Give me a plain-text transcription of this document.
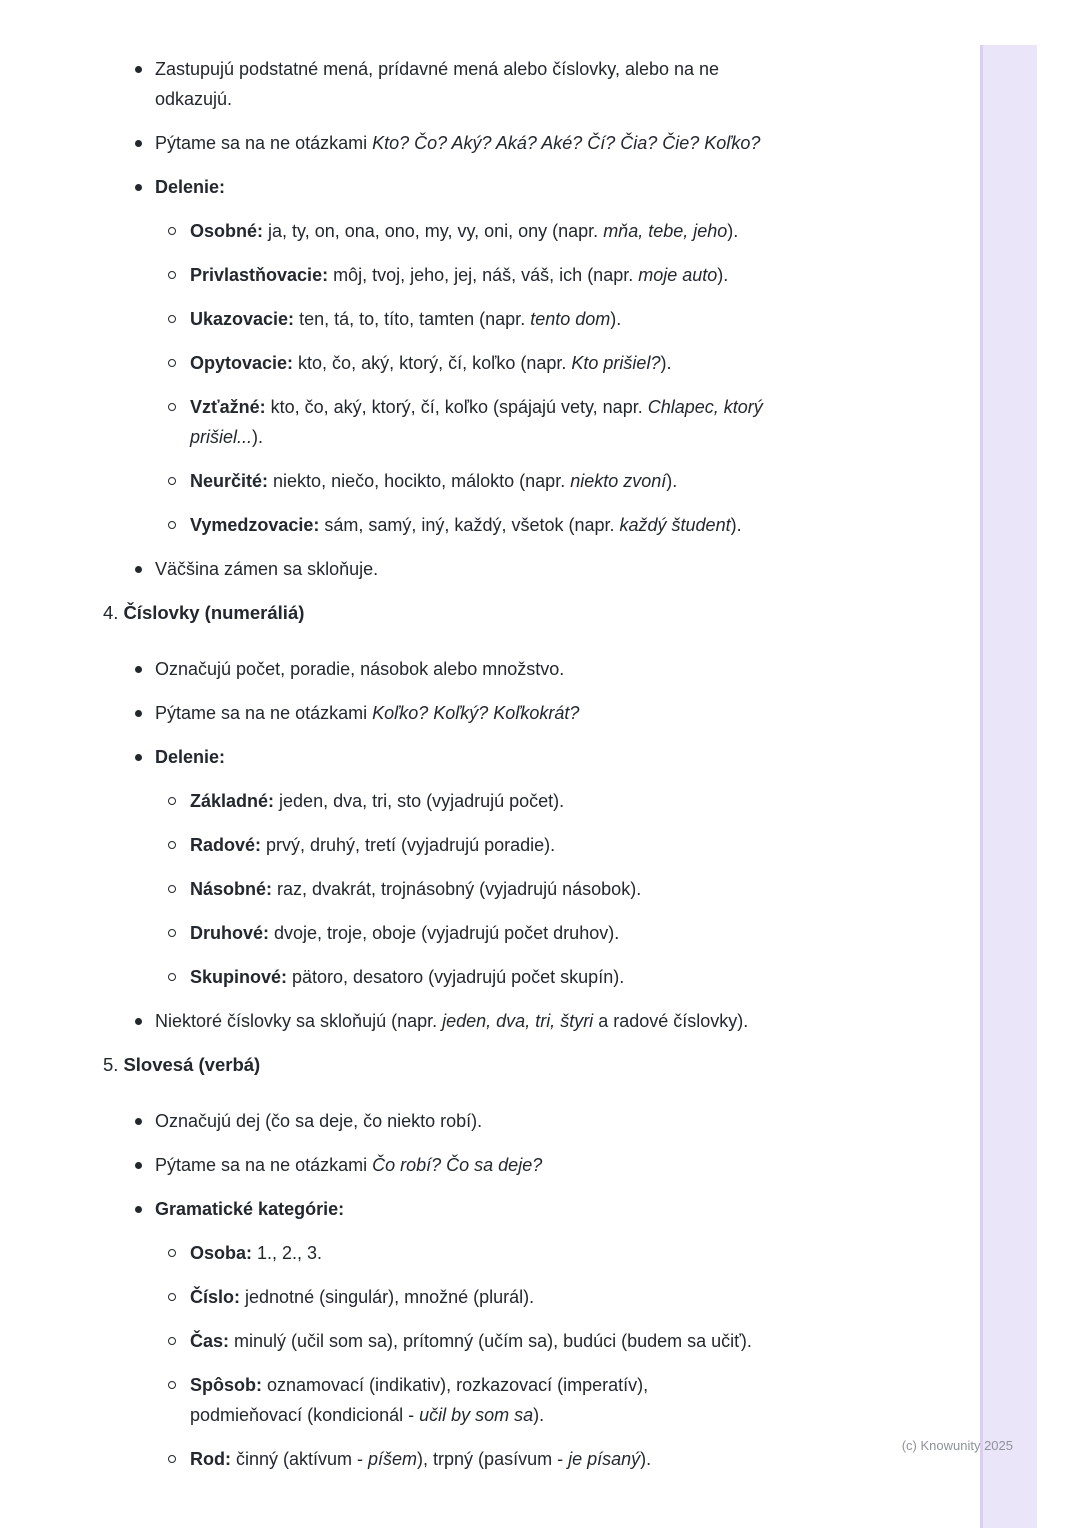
Zastupujú podstatné mená, prídavné mená alebo číslovky, alebo na ne
odkazujú.
Pýtame sa na ne otázkami Kto? Čo? Aký? Aká? Aké? Čí? Čia? Čie? Koľko?
Delenie:
Osobné: ja, ty, on, ona, ono, my, vy, oni, ony (napr. mňa, tebe, jeho).
Privlastňovacie: môj, tvoj, jeho, jej, náš, váš, ich (napr. moje auto).
Ukazovacie: ten, tá, to, títo, tamten (napr. tento dom).
Opytovacie: kto, čo, aký, ktorý, čí, koľko (napr. Kto prišiel?).
Vzťažné: kto, čo, aký, ktorý, čí, koľko (spájajú vety, napr. Chlapec, ktorý
prišiel...).
Neurčité: niekto, niečo, hocikto, málokto (napr. niekto zvoní).
Vymedzovacie: sám, samý, iný, každý, všetok (napr. každý študent).
Väčšina zámen sa skloňuje.
4. Číslovky (numeráliá)
Označujú počet, poradie, násobok alebo množstvo.
Pýtame sa na ne otázkami Koľko? Koľký? Koľkokrát?
Delenie:
Základné: jeden, dva, tri, sto (vyjadrujú počet).
Radové: prvý, druhý, tretí (vyjadrujú poradie).
Násobné: raz, dvakrát, trojnásobný (vyjadrujú násobok).
Druhové: dvoje, troje, oboje (vyjadrujú počet druhov).
Skupinové: pätoro, desatoro (vyjadrujú počet skupín).
Niektoré číslovky sa skloňujú (napr. jeden, dva, tri, štyri a radové číslovky).
5. Slovesá (verbá)
Označujú dej (čo sa deje, čo niekto robí).
Pýtame sa na ne otázkami Čo robí? Čo sa deje?
Gramatické kategórie:
Osoba: 1., 2., 3.
Číslo: jednotné (singulár), množné (plurál).
Čas: minulý (učil som sa), prítomný (učím sa), budúci (budem sa učiť).
Spôsob: oznamovací (indikativ), rozkazovací (imperatív),
podmieňovací (kondicionál - učil by som sa).
Rod: činný (aktívum - píšem), trpný (pasívum - je písaný).
(c) Knowunity 2025
